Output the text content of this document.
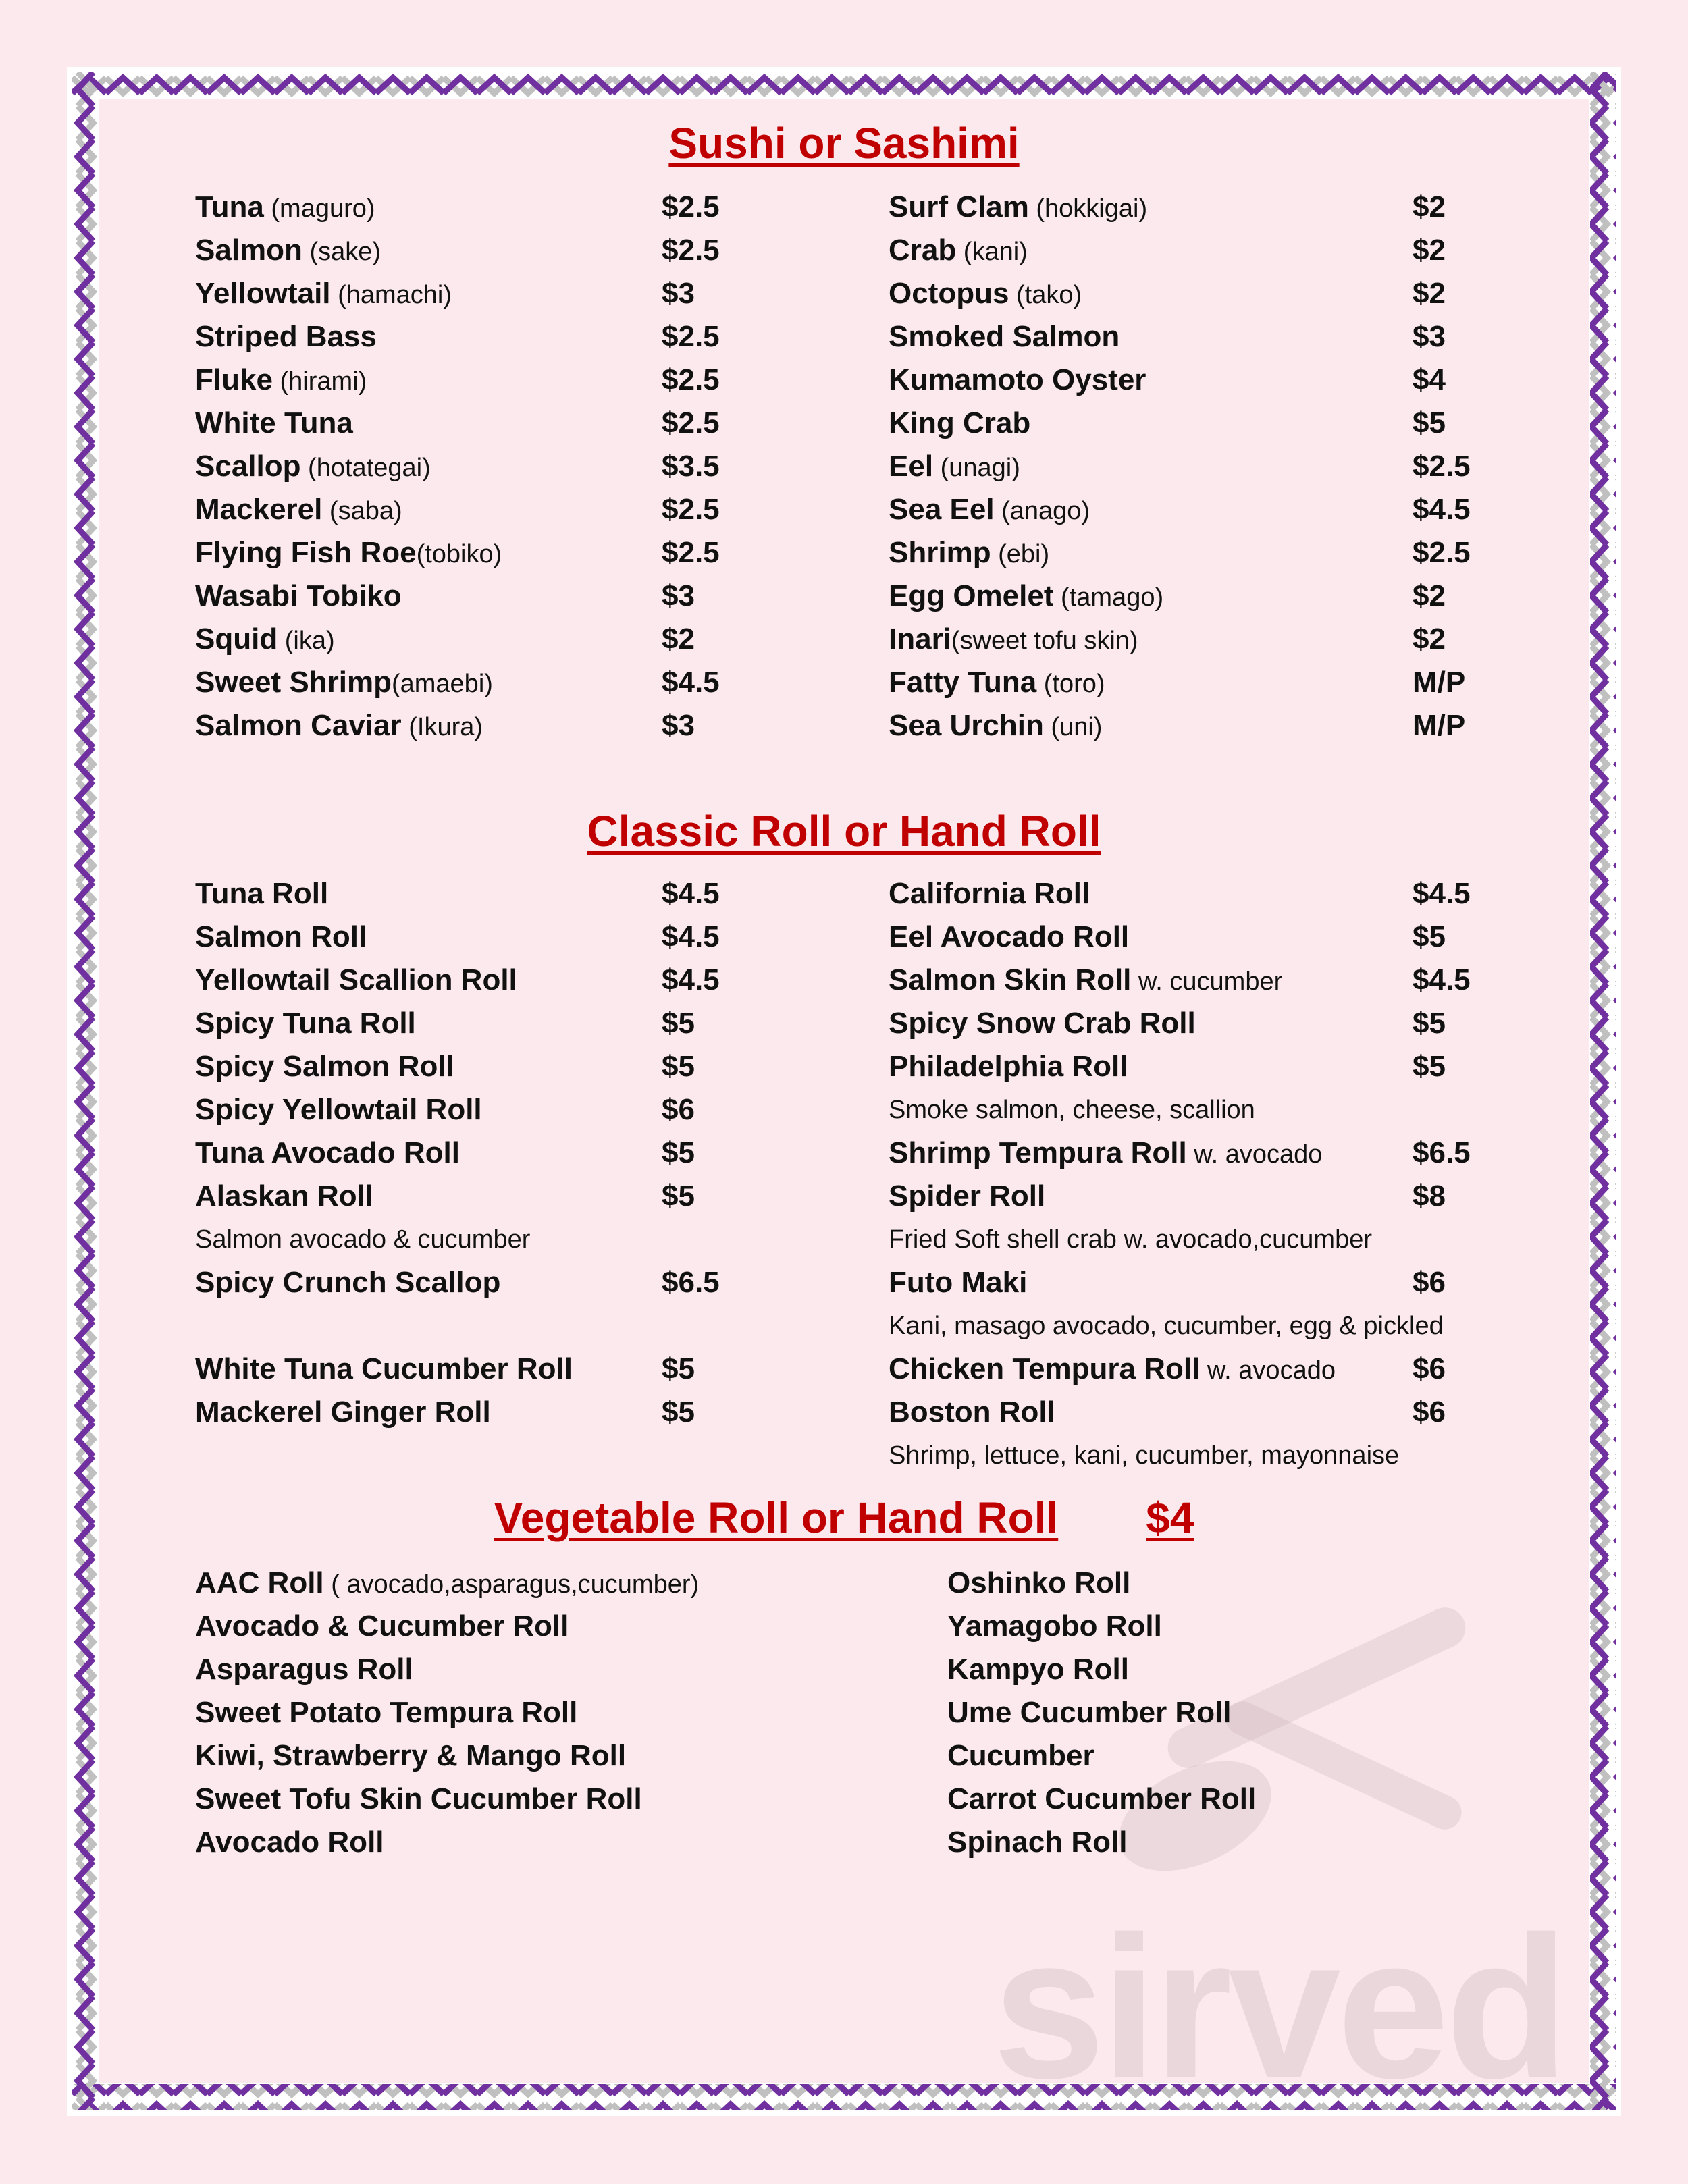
sirved
Sushi or Sashimi
Classic Roll or Hand Roll
Vegetable Roll or Hand Roll $4
Tuna (maguro)	$2.5
Salmon (sake)	$2.5
Yellowtail (hamachi)	$3
Striped Bass	$2.5
Fluke (hirami)	$2.5
White Tuna	$2.5
Scallop (hotategai)	$3.5
Mackerel (saba)	$2.5
Flying Fish Roe(tobiko)	$2.5
Wasabi Tobiko	$3
Squid (ika)	$2
Sweet Shrimp(amaebi)	$4.5
Salmon Caviar (Ikura)	$3
Surf Clam (hokkigai)	$2
Crab (kani)	$2
Octopus (tako)	$2
Smoked Salmon	$3
Kumamoto Oyster	$4
King Crab	$5
Eel (unagi)	$2.5
Sea Eel (anago)	$4.5
Shrimp (ebi)	$2.5
Egg Omelet (tamago)	$2
Inari(sweet tofu skin)	$2
Fatty Tuna (toro)	M/P
Sea Urchin (uni)	M/P
Tuna Roll	$4.5
Salmon Roll	$4.5
Yellowtail Scallion Roll	$4.5
Spicy Tuna Roll	$5
Spicy Salmon Roll	$5
Spicy Yellowtail Roll	$6
Tuna Avocado Roll	$5
Alaskan Roll	$5
Salmon avocado & cucumber
Spicy Crunch Scallop	$6.5
White Tuna Cucumber Roll	$5
Mackerel Ginger Roll	$5
California Roll	$4.5
Eel Avocado Roll	$5
Salmon Skin Roll w. cucumber	$4.5
Spicy Snow Crab Roll	$5
Philadelphia Roll	$5
Smoke salmon, cheese, scallion
Shrimp Tempura Roll w. avocado	$6.5
Spider Roll	$8
Fried Soft shell crab w. avocado,cucumber
Futo Maki	$6
Kani, masago avocado, cucumber, egg & pickled
Chicken Tempura Roll w. avocado	$6
Boston Roll	$6
Shrimp, lettuce, kani, cucumber, mayonnaise
AAC Roll ( avocado,asparagus,cucumber)
Avocado & Cucumber Roll
Asparagus Roll
Sweet Potato Tempura Roll
Kiwi, Strawberry & Mango Roll
Sweet Tofu Skin Cucumber Roll
Avocado Roll
Oshinko Roll
Yamagobo Roll
Kampyo Roll
Ume Cucumber Roll
Cucumber
Carrot Cucumber Roll
Spinach Roll
